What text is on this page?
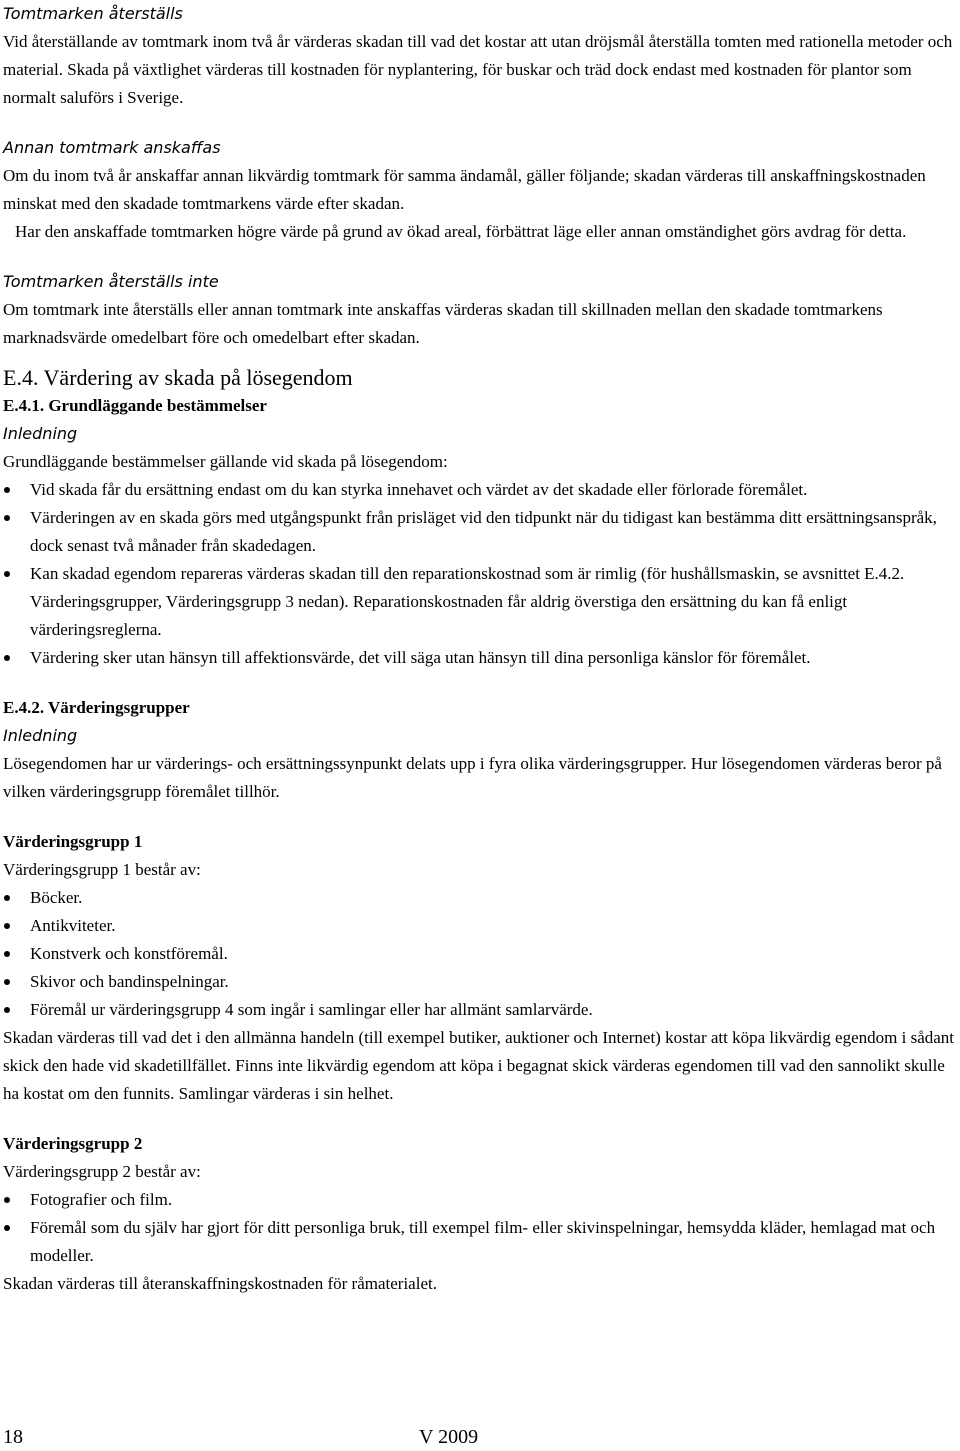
Tomtmarken återställs

Vid återställande av tomtmark inom två år värderas skadan till vad det kostar att utan dröjsmål återställa tomten med rationella metoder och material. Skada på växtlighet värderas till kostnaden för nyplantering, för buskar och träd dock endast med kostnaden för plantor som normalt saluförs i Sverige.

Annan tomtmark anskaffas

Om du inom två år anskaffar annan likvärdig tomtmark för samma ändamål, gäller följande; skadan värderas till anskaffningskostnaden minskat med den skadade tomtmarkens värde efter skadan.

Har den anskaffade tomtmarken högre värde på grund av ökad areal, förbättrat läge eller annan omständighet görs avdrag för detta.

Tomtmarken återställs inte

Om tomtmark inte återställs eller annan tomtmark inte anskaffas värderas skadan till skillnaden mellan den skadade tomtmarkens marknadsvärde omedelbart före och omedelbart efter skadan.

E.4. Värdering av skada på lösegendom

E.4.1. Grundläggande bestämmelser

Inledning

Grundläggande bestämmelser gällande vid skada på lösegendom:

Vid skada får du ersättning endast om du kan styrka innehavet och värdet av det skadade eller förlorade föremålet.
Värderingen av en skada görs med utgångspunkt från prisläget vid den tidpunkt när du tidigast kan bestämma ditt ersättningsanspråk, dock senast två månader från skadedagen.
Kan skadad egendom repareras värderas skadan till den reparationskostnad som är rimlig (för hushållsmaskin, se avsnittet E.4.2. Värderingsgrupper, Värderingsgrupp 3 nedan). Reparationskostnaden får aldrig överstiga den ersättning du kan få enligt värderingsreglerna.
Värdering sker utan hänsyn till affektionsvärde, det vill säga utan hänsyn till dina personliga känslor för föremålet.

E.4.2. Värderingsgrupper

Inledning

Lösegendomen har ur värderings- och ersättningssynpunkt delats upp i fyra olika värderingsgrupper. Hur lösegendomen värderas beror på vilken värderingsgrupp föremålet tillhör.

Värderingsgrupp 1

Värderingsgrupp 1 består av:

Böcker.
Antikviteter.
Konstverk och konstföremål.
Skivor och bandinspelningar.
Föremål ur värderingsgrupp 4 som ingår i samlingar eller har allmänt samlarvärde.

Skadan värderas till vad det i den allmänna handeln (till exempel butiker, auktioner och Internet) kostar att köpa likvärdig egendom i sådant skick den hade vid skadetillfället. Finns inte likvärdig egendom att köpa i begagnat skick värderas egendomen till vad den sannolikt skulle ha kostat om den funnits. Samlingar värderas i sin helhet.

Värderingsgrupp 2

Värderingsgrupp 2 består av:

Fotografier och film.
Föremål som du själv har gjort för ditt personliga bruk, till exempel film- eller skivinspelningar, hemsydda kläder, hemlagad mat och modeller.

Skadan värderas till återanskaffningskostnaden för råmaterialet.

18	V 2009
